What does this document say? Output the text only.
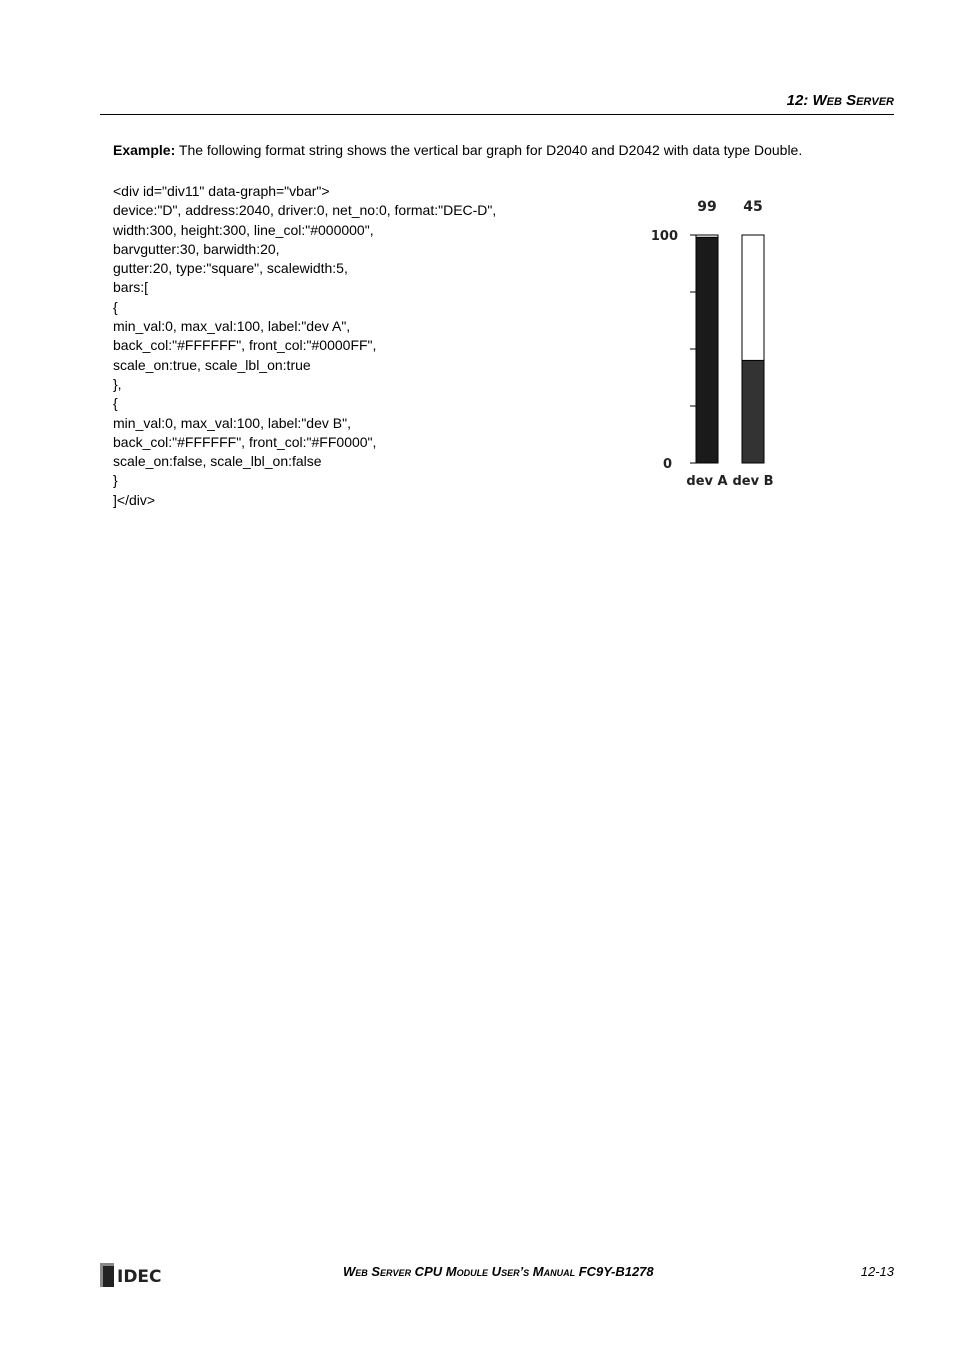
12: Web Server
Example: The following format string shows the vertical bar graph for D2040 and D2042 with data type Double.
<div id="div11" data-graph="vbar">
device:"D", address:2040, driver:0, net_no:0, format:"DEC-D",
width:300, height:300, line_col:"#000000",
barvgutter:30, barwidth:20,
gutter:20, type:"square", scalewidth:5,
bars:[
{
min_val:0, max_val:100, label:"dev A",
back_col:"#FFFFFF", front_col:"#0000FF",
scale_on:true, scale_lbl_on:true
},
{
min_val:0, max_val:100, label:"dev B",
back_col:"#FFFFFF", front_col:"#FF0000",
scale_on:false, scale_lbl_on:false
}
]</div>
100
0
99
dev A
45
dev B
IDEC	Web Server CPU Module User’s Manual FC9Y-B1278	12-13
